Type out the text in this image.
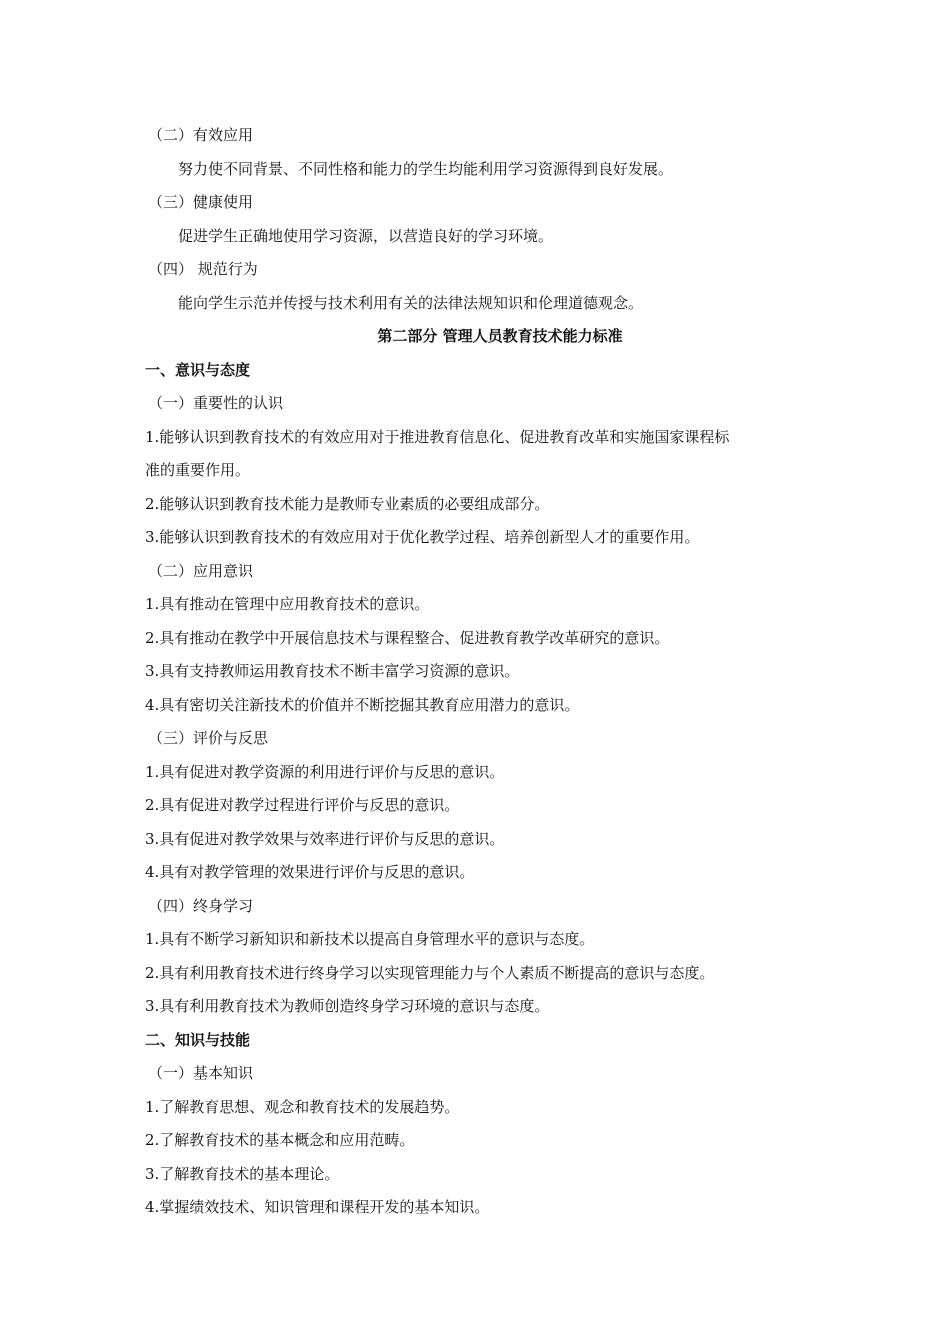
（二）有效应用
努力使不同背景、不同性格和能力的学生均能利用学习资源得到良好发展。
（三）健康使用
促进学生正确地使用学习资源，以营造良好的学习环境。
（四） 规范行为
能向学生示范并传授与技术利用有关的法律法规知识和伦理道德观念。
第二部分 管理人员教育技术能力标准
一、意识与态度
（一）重要性的认识
1.能够认识到教育技术的有效应用对于推进教育信息化、促进教育改革和实施国家课程标
准的重要作用。
2.能够认识到教育技术能力是教师专业素质的必要组成部分。
3.能够认识到教育技术的有效应用对于优化教学过程、培养创新型人才的重要作用。
（二）应用意识
1.具有推动在管理中应用教育技术的意识。
2.具有推动在教学中开展信息技术与课程整合、促进教育教学改革研究的意识。
3.具有支持教师运用教育技术不断丰富学习资源的意识。
4.具有密切关注新技术的价值并不断挖掘其教育应用潜力的意识。
（三）评价与反思
1.具有促进对教学资源的利用进行评价与反思的意识。
2.具有促进对教学过程进行评价与反思的意识。
3.具有促进对教学效果与效率进行评价与反思的意识。
4.具有对教学管理的效果进行评价与反思的意识。
（四）终身学习
1.具有不断学习新知识和新技术以提高自身管理水平的意识与态度。
2.具有利用教育技术进行终身学习以实现管理能力与个人素质不断提高的意识与态度。
3.具有利用教育技术为教师创造终身学习环境的意识与态度。
二、知识与技能
（一）基本知识
1.了解教育思想、观念和教育技术的发展趋势。
2.了解教育技术的基本概念和应用范畴。
3.了解教育技术的基本理论。
4.掌握绩效技术、知识管理和课程开发的基本知识。
